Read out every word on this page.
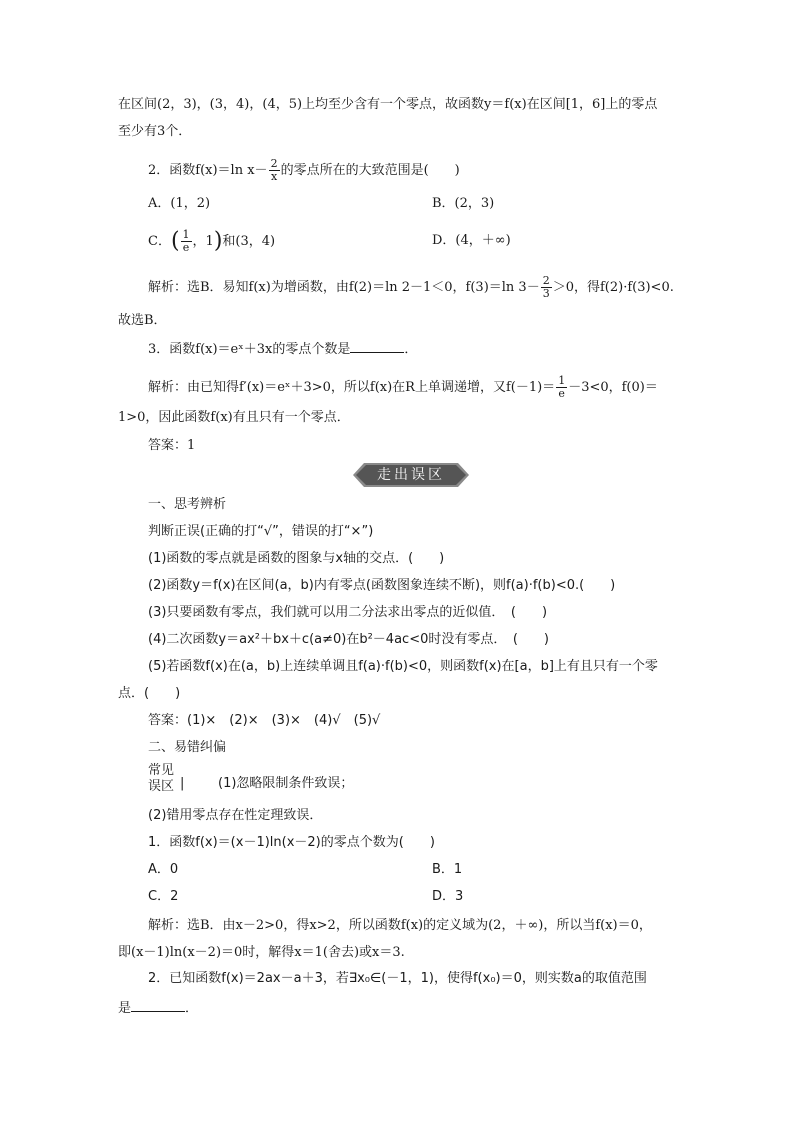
在区间(2，3)，(3，4)，(4，5)上均至少含有一个零点，故函数y＝f(x)在区间[1，6]上的零点
至少有3个．
2．函数f(x)＝ln $x- \frac{2}{x}$ 的零点所在的大致范围是(　　)
A．(1，2)	B．(2，3)
C．( $\frac{1}{e}$ ，1)和(3，4)	D．(4，＋∞)
解析：选B．易知f(x)为增函数，由f(2)＝ln 2－1＜0，f(3)＝ln $3- \frac{2}{3} >0$，得f(2)·f(3)<0.
故选B．
3．函数f(x)＝eˣ＋3x的零点个数是	．
解析：由已知得f′(x)＝eˣ＋3>0，所以f(x)在R上单调递增，又$f(-1)= \frac{1}{e} -3<0$，f(0)＝
1>0，因此函数f(x)有且只有一个零点．
答案：1
走出误区
一、思考辨析
判断正误(正确的打“√”，错误的打“×”)
(1)函数的零点就是函数的图象与x轴的交点．(　　)
(2)函数y＝f(x)在区间(a，b)内有零点(函数图象连续不断)，则f(a)·f(b)<0.(　　)
(3)只要函数有零点，我们就可以用二分法求出零点的近似值．　(　　)
(4)二次函数y＝ax²＋bx＋c(a≠0)在b²－4ac<0时没有零点．　(　　)
(5)若函数f(x)在(a，b)上连续单调且f(a)·f(b)<0，则函数f(x)在[a，b]上有且只有一个零
点．(　　)
答案：(1)×　(2)×　(3)×　(4)√　(5)√
二、易错纠偏
常见
误区 |	(1)忽略限制条件致误；
(2)错用零点存在性定理致误．
1．函数f(x)＝(x－1)ln(x－2)的零点个数为(　　)
A．0	B．1
C．2	D．3
解析：选B．由x－2>0，得x>2，所以函数f(x)的定义域为(2，＋∞)，所以当f(x)＝0，
即(x－1)ln(x－2)＝0时，解得x＝1(舍去)或x＝3.
2．已知函数f(x)＝2ax－a＋3，若∃x₀∈(－1，1)，使得f(x₀)＝0，则实数a的取值范围
是	．
